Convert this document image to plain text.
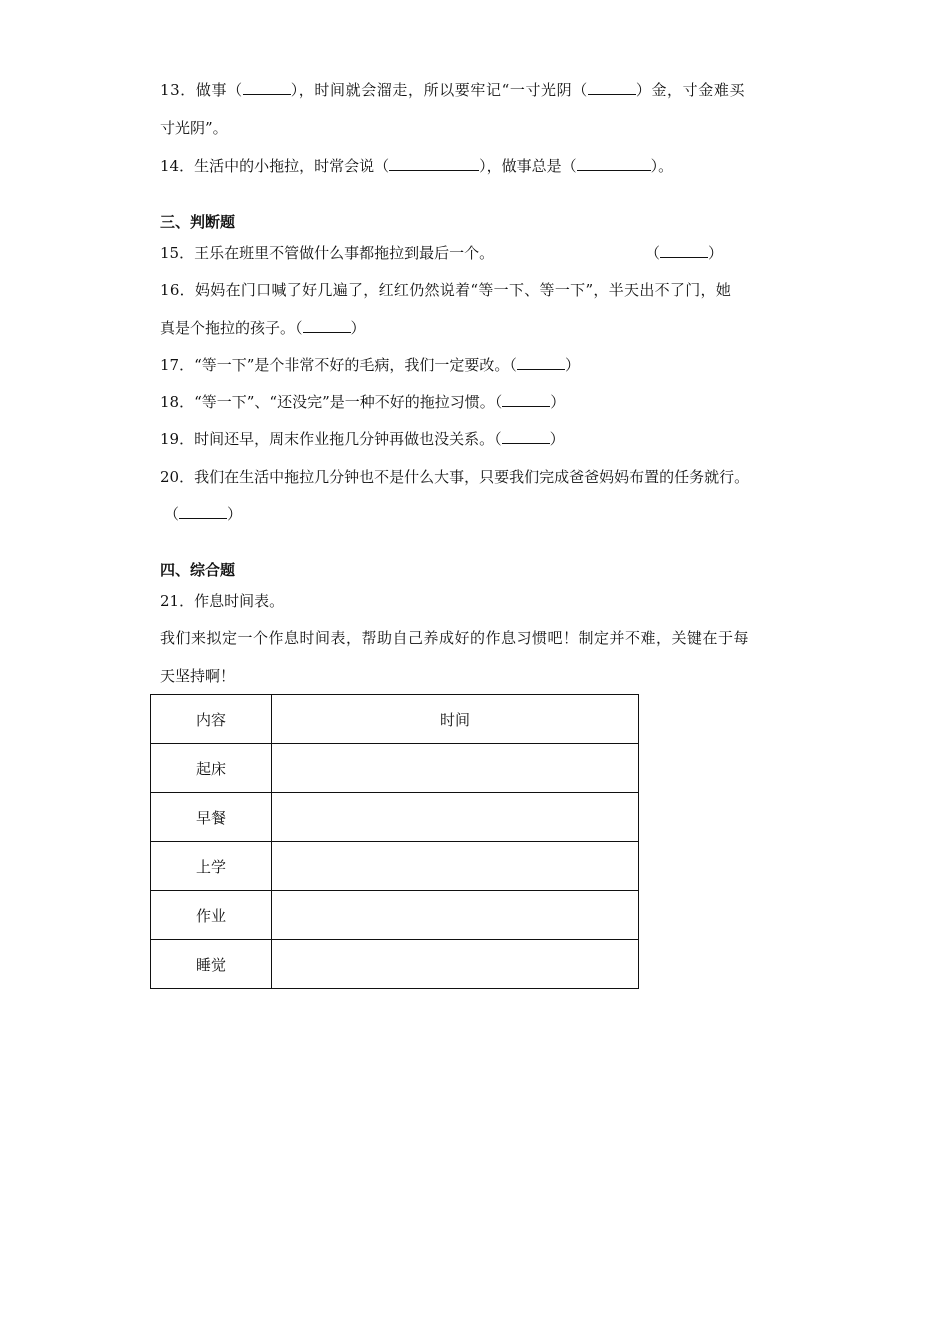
13．做事（	），时间就会溜走，所以要牢记“一寸光阴（	）金，寸金难买
寸光阴”。
14．生活中的小拖拉，时常会说（	），做事总是（	）。
三、判断题
15．王乐在班里不管做什么事都拖拉到最后一个。	（	）
16．妈妈在门口喊了好几遍了，红红仍然说着“等一下、等一下”，半天出不了门，她
真是个拖拉的孩子。（	）
17．“等一下”是个非常不好的毛病，我们一定要改。（	）
18．“等一下”、“还没完”是一种不好的拖拉习惯。（	）
19．时间还早，周末作业拖几分钟再做也没关系。（	）
20．我们在生活中拖拉几分钟也不是什么大事，只要我们完成爸爸妈妈布置的任务就行。
（	）
四、综合题
21．作息时间表。
我们来拟定一个作息时间表，帮助自己养成好的作息习惯吧！制定并不难，关键在于每
天坚持啊！
内容	时间
起床	
早餐	
上学	
作业	
睡觉	
